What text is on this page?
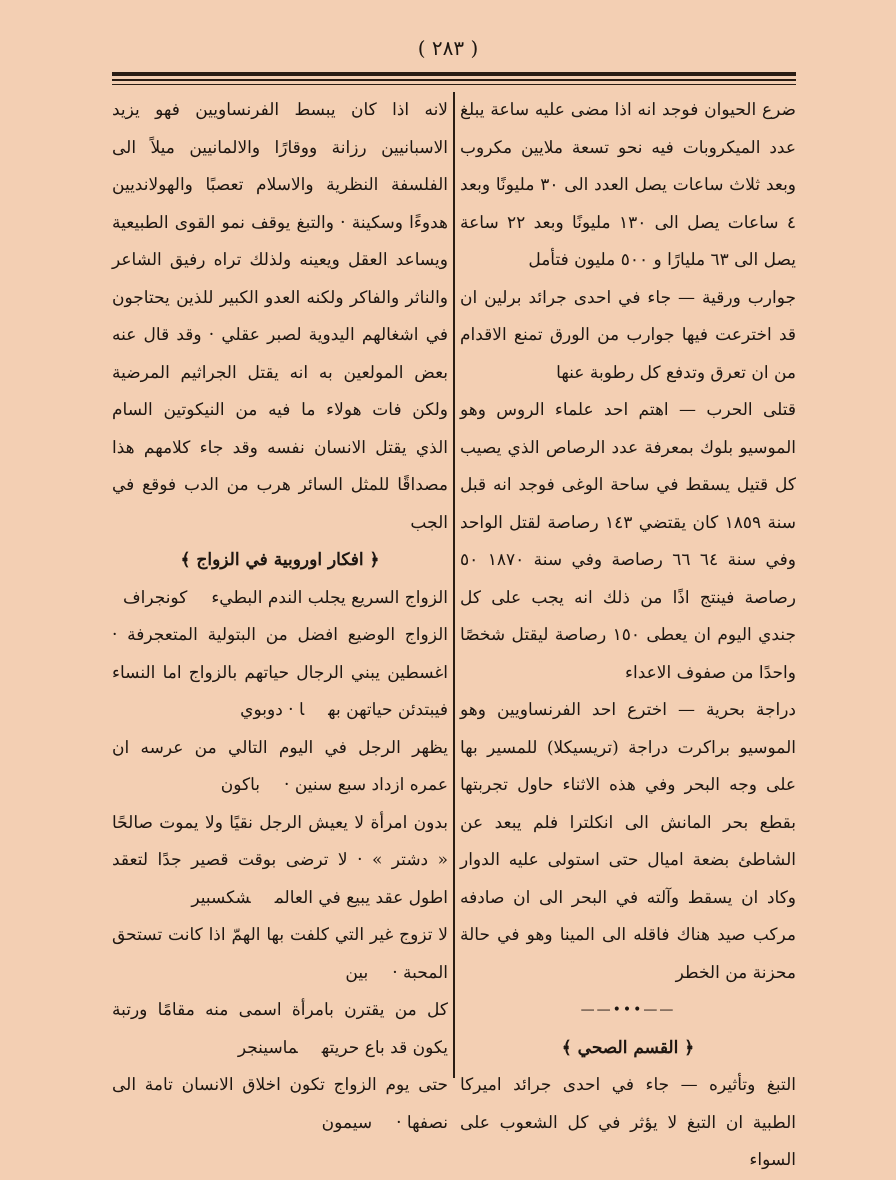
( ٢٨٣ )

ضرع الحيوان فوجد انه اذا مضى عليه ساعة يبلغ عدد الميكروبات فيه نحو تسعة ملايين مكروب وبعد ثلاث ساعات يصل العدد الى ٣٠ مليونًا وبعد ٤ ساعات يصل الى ١٣٠ مليونًا وبعد ٢٢ ساعة يصل الى ٦٣ مليارًا و ٥٠٠ مليون فتأمل

جوارب ورقية — جاء في احدى جرائد برلين ان قد اخترعت فيها جوارب من الورق تمنع الاقدام من ان تعرق وتدفع كل رطوبة عنها

قتلى الحرب — اهتم احد علماء الروس وهو الموسيو بلوك بمعرفة عدد الرصاص الذي يصيب كل قتيل يسقط في ساحة الوغى فوجد انه قبل سنة ١٨٥٩ كان يقتضي ١٤٣ رصاصة لقتل الواحد وفي سنة ٦٤ ٦٦ رصاصة وفي سنة ١٨٧٠ ٥٠ رصاصة فينتج اذًا من ذلك انه يجب على كل جندي اليوم ان يعطى ١٥٠ رصاصة ليقتل شخصًا واحدًا من صفوف الاعداء

دراجة بحرية — اخترع احد الفرنساويين وهو الموسيو براكرت دراجة (تريسيكلا) للمسير بها على وجه البحر وفي هذه الاثناء حاول تجربتها بقطع بحر المانش الى انكلترا فلم يبعد عن الشاطئ بضعة اميال حتى استولى عليه الدوار وكاد ان يسقط وآلته في البحر الى ان صادفه مركب صيد هناك فاقله الى المينا وهو في حالة محزنة من الخطر

——•••——

﴿ القسم الصحي ﴾

التبغ وتأثيره — جاء في احدى جرائد اميركا الطبية ان التبغ لا يؤثر في كل الشعوب على السواء

لانه اذا كان يبسط الفرنساويين فهو يزيد الاسبانيين رزانة ووقارًا والالمانيين ميلاً الى الفلسفة النظرية والاسلام تعصبًا والهولانديين هدوءًا وسكينة · والتبغ يوقف نمو القوى الطبيعية ويساعد العقل ويعينه ولذلك تراه رفيق الشاعر والناثر والفاكر ولكنه العدو الكبير للذين يحتاجون في اشغالهم اليدوية لصبر عقلي · وقد قال عنه بعض المولعين به انه يقتل الجراثيم المرضية ولكن فات هولاء ما فيه من النيكوتين السام الذي يقتل الانسان نفسه وقد جاء كلامهم هذا مصداقًا للمثل السائر هرب من الدب فوقع في الجب

﴿ افكار اوروبية في الزواج ﴾

الزواج السريع يجلب الندم البطيءكونجراف

الزواج الوضيع افضل من البتولية المتعجرفة · اغسطين يبني الرجال حياتهم بالزواج اما النساء فيبتدئن حياتهن بها · دوبوي

يظهر الرجل في اليوم التالي من عرسه ان عمره ازداد سبع سنين ·باكون

بدون امرأة لا يعيش الرجل نقيًا ولا يموت صالحًا « دشتر » · لا ترضى بوقت قصير جدًا لتعقد اطول عقد يبيع في العالمشكسبير

لا تزوج غير التي كلفت بها الهمّ اذا كانت تستحق المحبة ·بين

كل من يقترن بامرأة اسمى منه مقامًا ورتبة يكون قد باع حريتهماسينجر

حتى يوم الزواج تكون اخلاق الانسان تامة الى نصفها ·سيمون
